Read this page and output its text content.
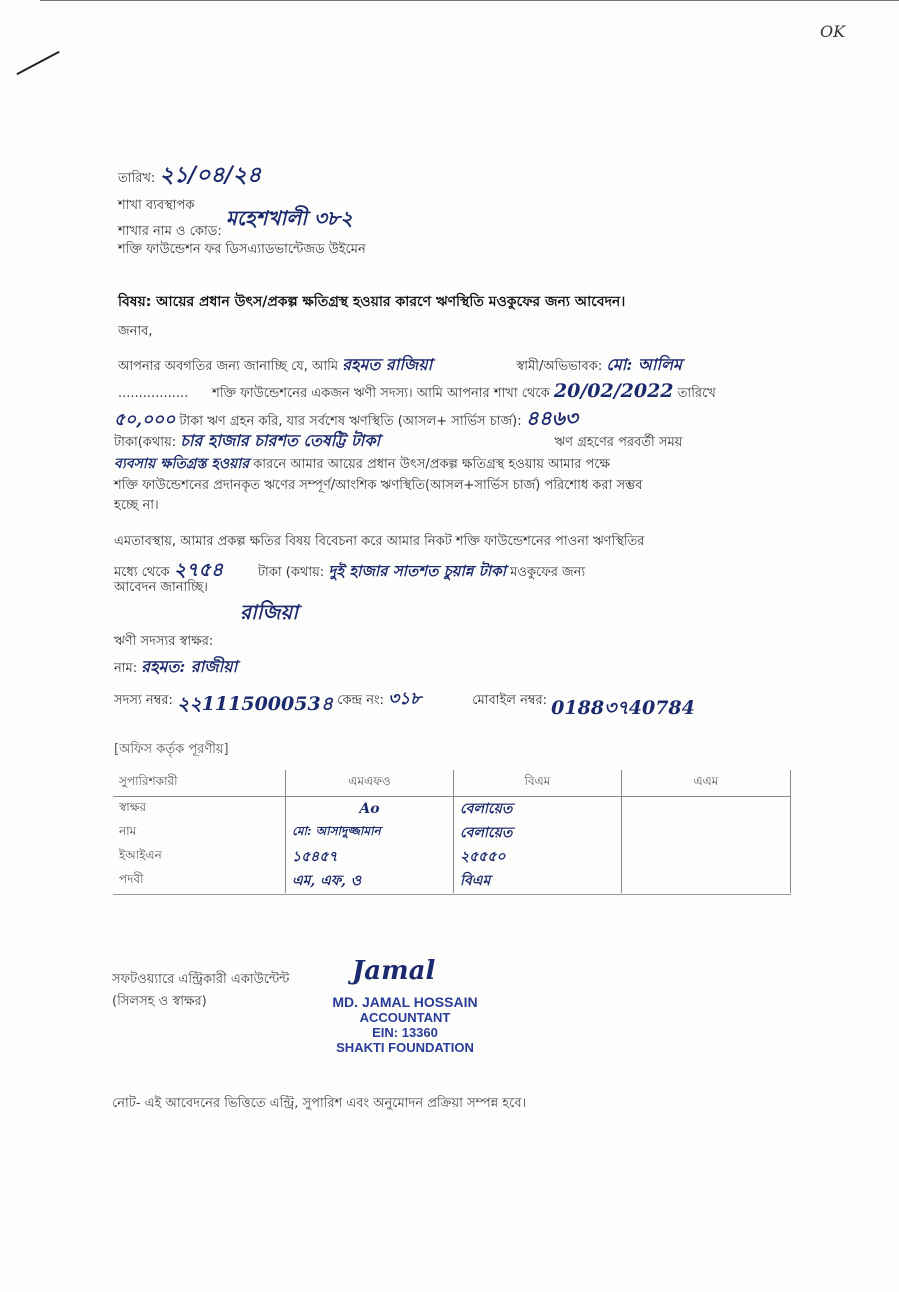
OK
তারিখ: ২১/০৪/২৪
শাখা ব্যবস্থাপক
শাখার নাম ও কোড: মহেশখালী ৩৮২
শক্তি ফাউন্ডেশন ফর ডিসএ্যাডভান্টেজড উইমেন
বিষয়: আয়ের প্রধান উৎস/প্রকল্প ক্ষতিগ্রস্থ হওয়ার কারণে ঋণস্থিতি মওকুফের জন্য আবেদন।
জনাব,
আপনার অবগতির জন্য জানাচ্ছি যে, আমি রহমত রাজিয়া	স্বামী/অভিভাবক: মো: আলিম
................. শক্তি ফাউন্ডেশনের একজন ঋণী সদস্য। আমি আপনার শাখা থেকে 20/02/2022 তারিখে
৫০,০০০ টাকা ঋণ গ্রহন করি, যার সর্বশেষ ঋণস্থিতি (আসল+ সার্ভিস চার্জ): ৪৪৬৩
টাকা(কথায়: চার হাজার চারশত তেষট্টি টাকা	ঋণ গ্রহণের পরবর্তী সময়
ব্যবসায় ক্ষতিগ্রস্ত হওয়ার কারনে আমার আয়ের প্রধান উৎস/প্রকল্প ক্ষতিগ্রস্থ হওয়ায় আমার পক্ষে
শক্তি ফাউন্ডেশনের প্রদানকৃত ঋণের সম্পূর্ণ/আংশিক ঋণস্থিতি(আসল+সার্ভিস চার্জ) পরিশোধ করা সম্ভব
হচ্ছে না।
এমতাবস্থায়, আমার প্রকল্প ক্ষতির বিষয় বিবেচনা করে আমার নিকট শক্তি ফাউন্ডেশনের পাওনা ঋণস্থিতির
মধ্যে থেকে ২৭৫৪	টাকা (কথায়: দুই হাজার সাতশত চুয়ান্ন টাকা মওকুফের জন্য
আবেদন জানাচ্ছি।
রাজিয়া
ঋণী সদস্যর স্বাক্ষর:
নাম: রহমত: রাজীয়া
সদস্য নম্বর: ২২111500053৪ কেন্দ্র নং: ৩১৮	মোবাইল নম্বর: 0188৩৭40784
[অফিস কর্তৃক পূরণীয়]
সুপারিশকারী	এমএফও	বিএম	এএম
স্বাক্ষর	Ao	বেলায়েত	
নাম	মো: আসাদুজ্জামান	বেলায়েত	
ইআইএন	১৫৪৫৭	২৫৫৫০	
পদবী	এম, এফ, ও	বিএম	
সফটওয়্যারে এন্ট্রিকারী একাউন্টেন্ট
(সিলসহ ও স্বাক্ষর)
Jamal
MD. JAMAL HOSSAIN
ACCOUNTANT
EIN: 13360
SHAKTI FOUNDATION
নোট- এই আবেদনের ভিত্তিতে এন্ট্রি, সুপারিশ এবং অনুমোদন প্রক্রিয়া সম্পন্ন হবে।
